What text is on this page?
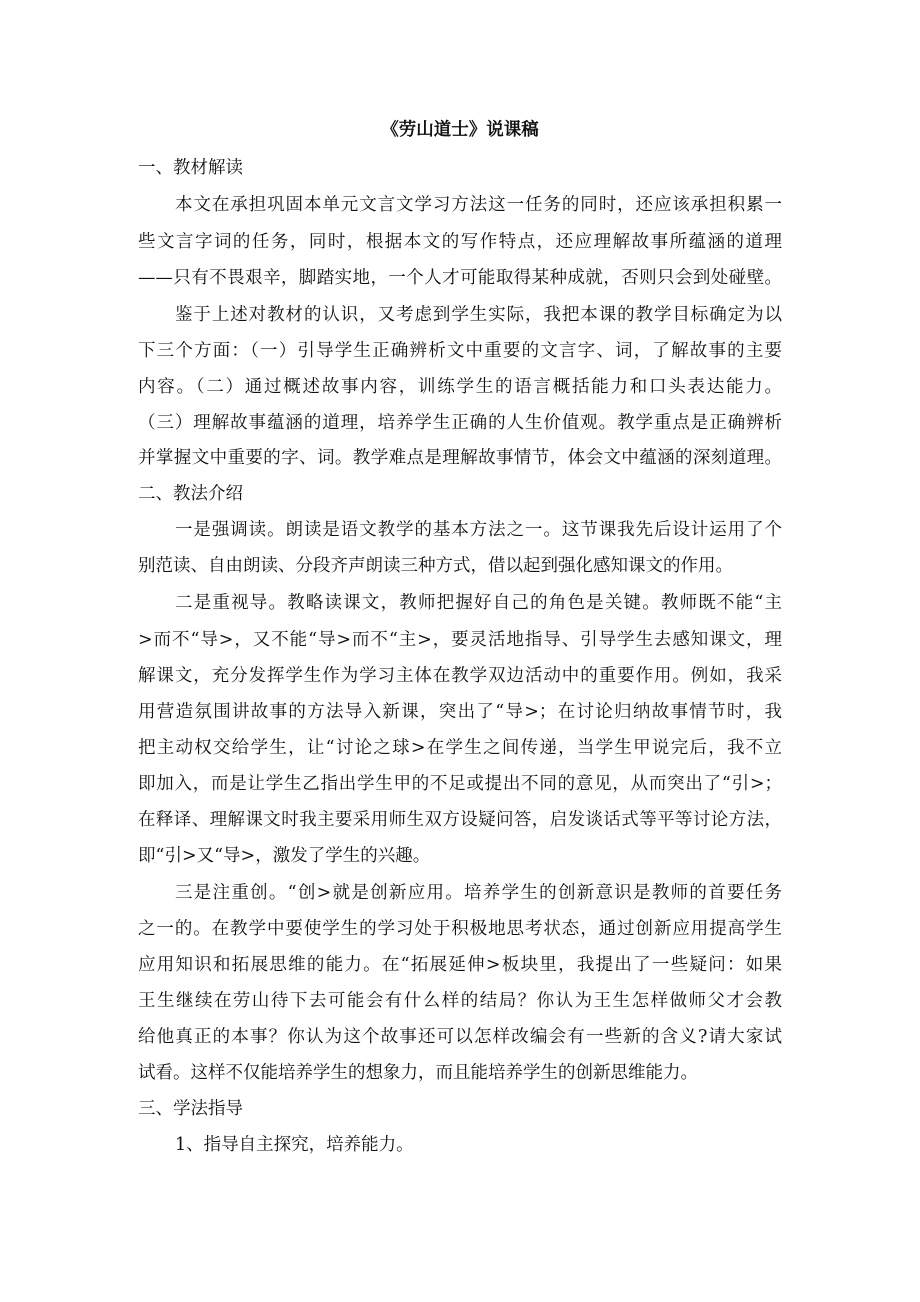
《劳山道士》说课稿
一、教材解读
本文在承担巩固本单元文言文学习方法这一任务的同时，还应该承担积累一
些文言字词的任务，同时，根据本文的写作特点，还应理解故事所蕴涵的道理
——只有不畏艰辛，脚踏实地，一个人才可能取得某种成就，否则只会到处碰壁。
鉴于上述对教材的认识，又考虑到学生实际，我把本课的教学目标确定为以
下三个方面：（一）引导学生正确辨析文中重要的文言字、词，了解故事的主要
内容。（二）通过概述故事内容，训练学生的语言概括能力和口头表达能力。
（三）理解故事蕴涵的道理，培养学生正确的人生价值观。教学重点是正确辨析
并掌握文中重要的字、词。教学难点是理解故事情节，体会文中蕴涵的深刻道理。
二、教法介绍
一是强调读。朗读是语文教学的基本方法之一。这节课我先后设计运用了个
别范读、自由朗读、分段齐声朗读三种方式，借以起到强化感知课文的作用。
二是重视导。教略读课文，教师把握好自己的角色是关键。教师既不能“主
>而不“导>，又不能“导>而不“主>，要灵活地指导、引导学生去感知课文，理
解课文，充分发挥学生作为学习主体在教学双边活动中的重要作用。例如，我采
用营造氛围讲故事的方法导入新课，突出了“导>；在讨论归纳故事情节时，我
把主动权交给学生，让“讨论之球>在学生之间传递，当学生甲说完后，我不立
即加入，而是让学生乙指出学生甲的不足或提出不同的意见，从而突出了“引>；
在释译、理解课文时我主要采用师生双方设疑问答，启发谈话式等平等讨论方法，
即“引>又“导>，激发了学生的兴趣。
三是注重创。“创>就是创新应用。培养学生的创新意识是教师的首要任务
之一的。在教学中要使学生的学习处于积极地思考状态，通过创新应用提高学生
应用知识和拓展思维的能力。在“拓展延伸>板块里，我提出了一些疑问：如果
王生继续在劳山待下去可能会有什么样的结局？你认为王生怎样做师父才会教
给他真正的本事？你认为这个故事还可以怎样改编会有一些新的含义?请大家试
试看。这样不仅能培养学生的想象力，而且能培养学生的创新思维能力。
三、学法指导
1、指导自主探究，培养能力。
